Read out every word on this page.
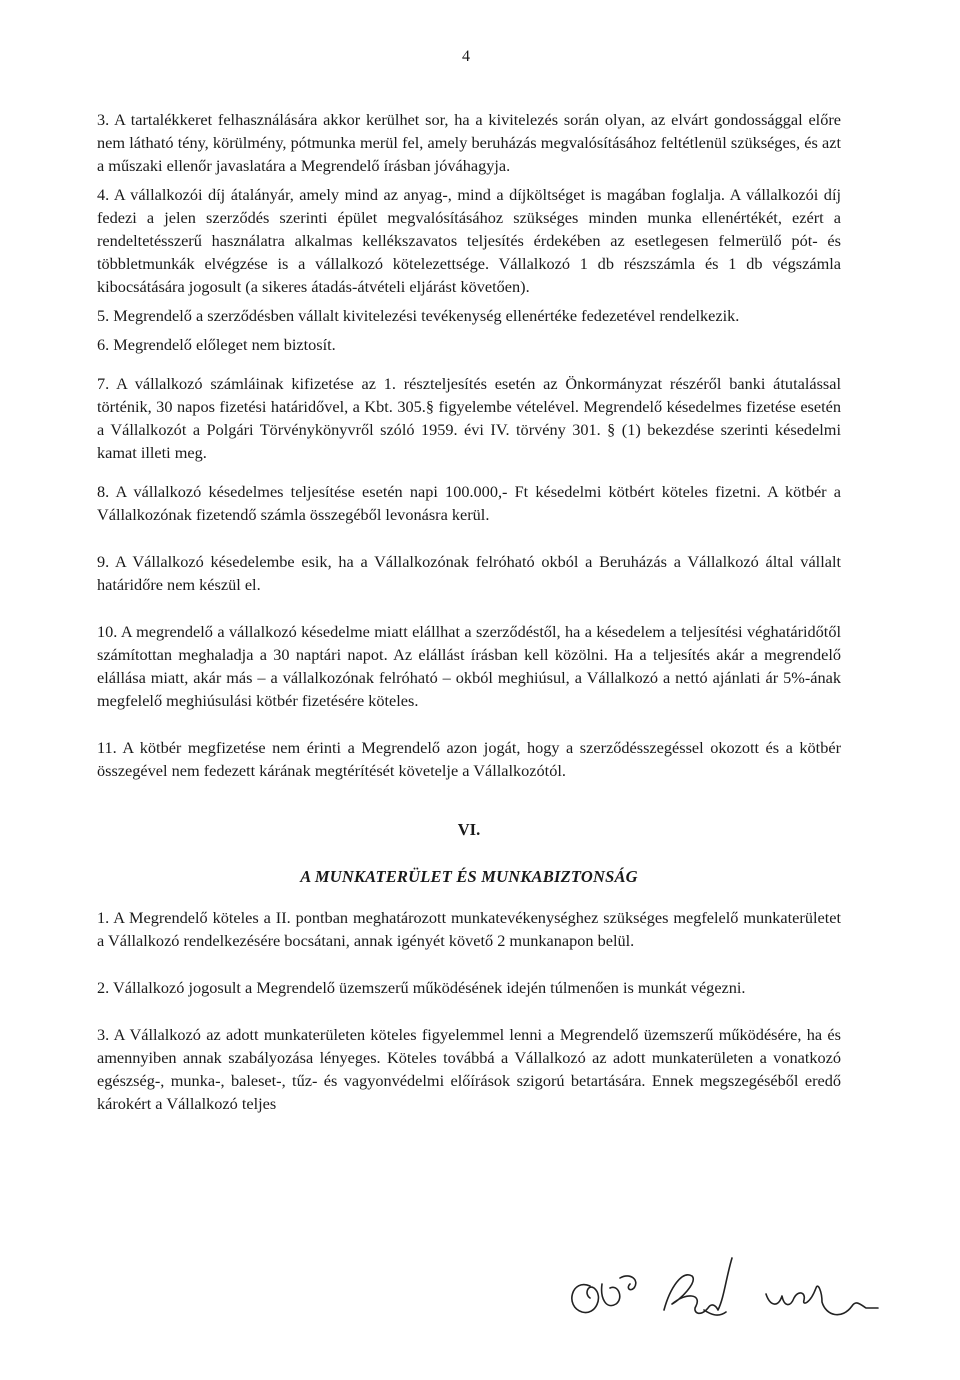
4

3. A tartalékkeret felhasználására akkor kerülhet sor, ha a kivitelezés során olyan, az elvárt gondossággal előre nem látható tény, körülmény, pótmunka merül fel, amely beruházás megvalósításához feltétlenül szükséges, és azt a műszaki ellenőr javaslatára a Megrendelő írásban jóváhagyja.

4. A vállalkozói díj átalányár, amely mind az anyag-, mind a díjköltséget is magában foglalja. A vállalkozói díj fedezi a jelen szerződés szerinti épület megvalósításához szükséges minden munka ellenértékét, ezért a rendeltetésszerű használatra alkalmas kellékszavatos teljesítés érdekében az esetlegesen felmerülő pót- és többletmunkák elvégzése is a vállalkozó kötelezettsége. Vállalkozó 1 db részszámla és 1 db végszámla kibocsátására jogosult (a sikeres átadás-átvételi eljárást követően).

5. Megrendelő a szerződésben vállalt kivitelezési tevékenység ellenértéke fedezetével rendelkezik.

6. Megrendelő előleget nem biztosít.

7. A vállalkozó számláinak kifizetése az 1. részteljesítés esetén az Önkormányzat részéről banki átutalással történik, 30 napos fizetési határidővel, a Kbt. 305.§ figyelembe vételével. Megrendelő késedelmes fizetése esetén a Vállalkozót a Polgári Törvénykönyvről szóló 1959. évi IV. törvény 301. § (1) bekezdése szerinti késedelmi kamat illeti meg.

8. A vállalkozó késedelmes teljesítése esetén napi 100.000,- Ft késedelmi kötbért köteles fizetni. A kötbér a Vállalkozónak fizetendő számla összegéből levonásra kerül.

9. A Vállalkozó késedelembe esik, ha a Vállalkozónak felróható okból a Beruházás a Vállalkozó által vállalt határidőre nem készül el.

10. A megrendelő a vállalkozó késedelme miatt elállhat a szerződéstől, ha a késedelem a teljesítési véghatáridőtől számítottan meghaladja a 30 naptári napot. Az elállást írásban kell közölni. Ha a teljesítés akár a megrendelő elállása miatt, akár más – a vállalkozónak felróható – okból meghiúsul, a Vállalkozó a nettó ajánlati ár 5%-ának megfelelő meghiúsulási kötbér fizetésére köteles.

11. A kötbér megfizetése nem érinti a Megrendelő azon jogát, hogy a szerződésszegéssel okozott és a kötbér összegével nem fedezett kárának megtérítését követelje a Vállalkozótól.

VI.
A MUNKATERÜLET ÉS MUNKABIZTONSÁG

1. A Megrendelő köteles a II. pontban meghatározott munkatevékenységhez szükséges megfelelő munkaterületet a Vállalkozó rendelkezésére bocsátani, annak igényét követő 2 munkanapon belül.

2. Vállalkozó jogosult a Megrendelő üzemszerű működésének idején túlmenően is munkát végezni.

3. A Vállalkozó az adott munkaterületen köteles figyelemmel lenni a Megrendelő üzemszerű működésére, ha és amennyiben annak szabályozása lényeges. Köteles továbbá a Vállalkozó az adott munkaterületen a vonatkozó egészség-, munka-, baleset-, tűz- és vagyonvédelmi előírások szigorú betartására. Ennek megszegéséből eredő károkért a Vállalkozó teljes
